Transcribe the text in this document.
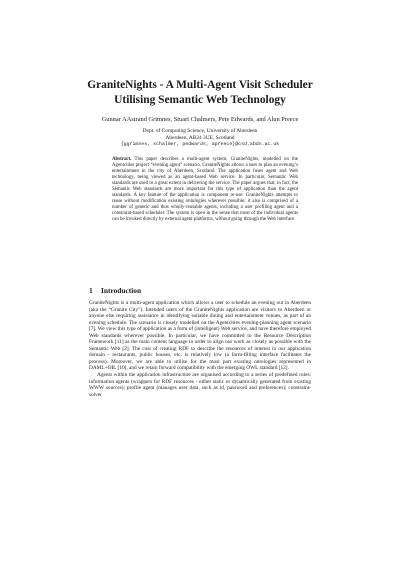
GraniteNights - A Multi-Agent Visit Scheduler
Utilising Semantic Web Technology
Gunnar AAstrand Grimnes, Stuart Chalmers, Pete Edwards, and Alun Preece
Dept. of Computing Science, University of Aberdeen
Aberdeen, AB24 3UE, Scotland
{ggrimnes, schalmer, pedwards, apreece}@csd.abdn.ac.uk
Abstract. This paper describes a multi-agent system, GraniteNights, modelled on the Agentcities project “evening agent” scenario. GraniteNights allows a user to plan an evening’s entertainment in the city of Aberdeen, Scotland. The application fuses agent and Web technology, being viewed as an agent-based Web service. In particular, Semantic Web standards are used to a great extent in delivering the service. The paper argues that, in fact, the Semantic Web standards are more important for this type of application than the agent standards. A key feature of the application is component re-use: GraniteNights attempts to reuse without modification existing ontologies wherever possible; it also is comprised of a number of generic and thus wholly-reusable agents, including a user profiling agent and a constraint-based scheduler. The system is open in the sense that most of the individual agents can be invoked directly by external agent platforms, without going through the Web interface.
1 Introduction

GraniteNights is a multi-agent application which allows a user to schedule an evening out in Aberdeen (aka the “Granite City”). Intended users of the GraniteNights application are visitors to Aberdeen or anyone else requiring assistance in identifying suitable dining and entertainment venues, as part of an evening schedule. The scenario is closely modelled on the Agentcities evening-planning agent scenario [7]. We view this type of application as a form of (intelligent) Web service, and have therefore employed Web standards wherever possible. In particular, we have committed to the Resource Description Framework [11] as the main content language in order to align our work as closely as possible with the Semantic Web [2]. The cost of creating RDF to describe the resources of interest in our application domain - restaurants, public houses, etc. is relatively low (a form-filling interface facilitates the process). Moreover, we are able to utilise for the most part existing ontologies represented in DAML+OIL [10], and we retain forward compatibility with the emerging OWL standard [12].

Agents within the application infrastructure are organised according to a series of predefined roles: information agents (wrappers for RDF resources - either static or dynamically generated from existing WWW sources); profile agent (manages user data, such as id, password and preferences); constraint-solver
